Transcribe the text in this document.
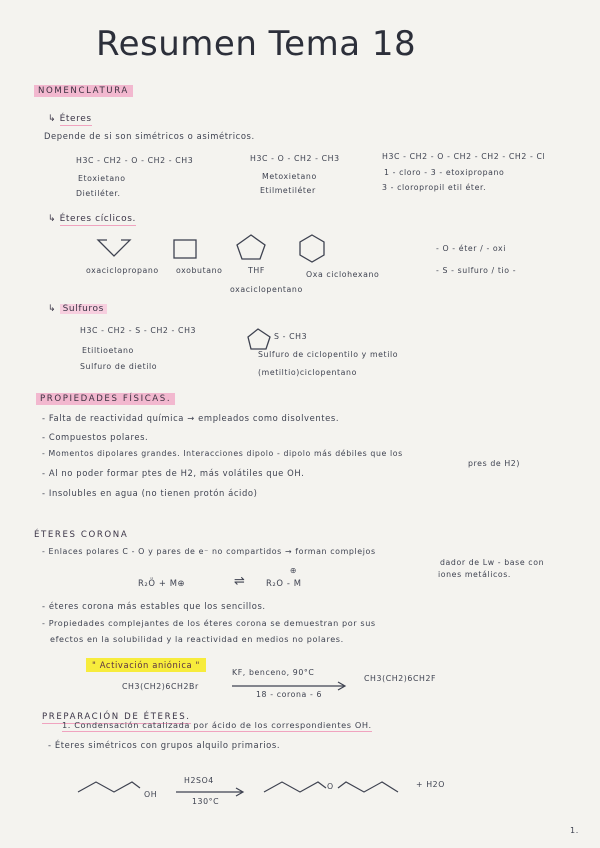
Resumen Tema 18
NOMENCLATURA
↳ Éteres
Depende de si son simétricos o asimétricos.
H3C - CH2 - O - CH2 - CH3
Etoxietano
Dietiléter.
H3C - O - CH2 - CH3
Metoxietano
Etilmetiléter
H3C - CH2 - O - CH2 - CH2 - CH2 - Cl
1 - cloro - 3 - etoxipropano
3 - cloropropil etil éter.
↳ Éteres cíclicos.
oxaciclopropano oxobutano	THF
oxaciclopentano
Oxa ciclohexano
- O - éter / - oxi
- S - sulfuro / tio -
↳ Sulfuros
H3C - CH2 - S - CH2 - CH3
Etiltioetano
Sulfuro de dietilo
S - CH3
Sulfuro de ciclopentilo y metilo
(metiltio)ciclopentano
PROPIEDADES FÍSICAS.
- Falta de reactividad química → empleados como disolventes.
- Compuestos polares.
- Momentos dipolares grandes. Interacciones dipolo - dipolo más débiles que los
pres de H2)
- Al no poder formar ptes de H2, más volátiles que OH.
- Insolubles en agua (no tienen protón ácido)
ÉTERES CORONA
- Enlaces polares C - O y pares de e⁻ no compartidos → forman complejos
dador de Lw - base con
iones metálicos.
R₂Ö + M⊕	⇌ R₂O - M
⊕
- éteres corona más estables que los sencillos.
- Propiedades complejantes de los éteres corona se demuestran por sus
efectos en la solubilidad y la reactividad en medios no polares.
" Activación aniónica "
KF, benceno, 90°C
CH3(CH2)6CH2Br
18 - corona - 6
CH3(CH2)6CH2F
PREPARACIÓN DE ÉTERES.
1. Condensación catalizada por ácido de los correspondientes OH.
- Éteres simétricos con grupos alquilo primarios.
OH
H2SO4
130°C
O	+ H2O
1.
